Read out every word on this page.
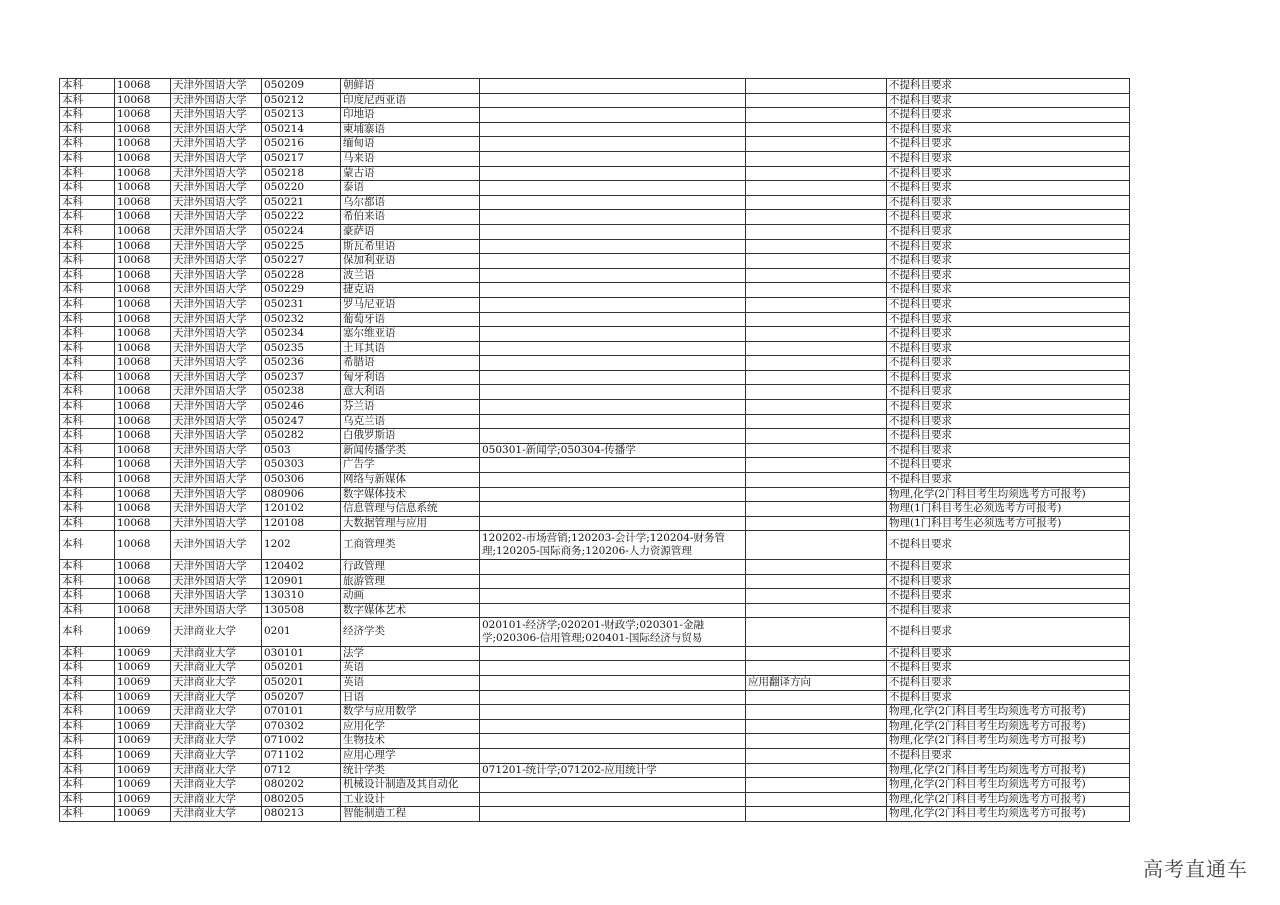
本科	10068	天津外国语大学	050209	朝鲜语			不提科目要求
本科	10068	天津外国语大学	050212	印度尼西亚语			不提科目要求
本科	10068	天津外国语大学	050213	印地语			不提科目要求
本科	10068	天津外国语大学	050214	柬埔寨语			不提科目要求
本科	10068	天津外国语大学	050216	缅甸语			不提科目要求
本科	10068	天津外国语大学	050217	马来语			不提科目要求
本科	10068	天津外国语大学	050218	蒙古语			不提科目要求
本科	10068	天津外国语大学	050220	泰语			不提科目要求
本科	10068	天津外国语大学	050221	乌尔都语			不提科目要求
本科	10068	天津外国语大学	050222	希伯来语			不提科目要求
本科	10068	天津外国语大学	050224	豪萨语			不提科目要求
本科	10068	天津外国语大学	050225	斯瓦希里语			不提科目要求
本科	10068	天津外国语大学	050227	保加利亚语			不提科目要求
本科	10068	天津外国语大学	050228	波兰语			不提科目要求
本科	10068	天津外国语大学	050229	捷克语			不提科目要求
本科	10068	天津外国语大学	050231	罗马尼亚语			不提科目要求
本科	10068	天津外国语大学	050232	葡萄牙语			不提科目要求
本科	10068	天津外国语大学	050234	塞尔维亚语			不提科目要求
本科	10068	天津外国语大学	050235	土耳其语			不提科目要求
本科	10068	天津外国语大学	050236	希腊语			不提科目要求
本科	10068	天津外国语大学	050237	匈牙利语			不提科目要求
本科	10068	天津外国语大学	050238	意大利语			不提科目要求
本科	10068	天津外国语大学	050246	芬兰语			不提科目要求
本科	10068	天津外国语大学	050247	乌克兰语			不提科目要求
本科	10068	天津外国语大学	050282	白俄罗斯语			不提科目要求
本科	10068	天津外国语大学	0503	新闻传播学类	050301-新闻学;050304-传播学		不提科目要求
本科	10068	天津外国语大学	050303	广告学			不提科目要求
本科	10068	天津外国语大学	050306	网络与新媒体			不提科目要求
本科	10068	天津外国语大学	080906	数字媒体技术			物理,化学(2门科目考生均须选考方可报考)
本科	10068	天津外国语大学	120102	信息管理与信息系统			物理(1门科目考生必须选考方可报考)
本科	10068	天津外国语大学	120108	大数据管理与应用			物理(1门科目考生必须选考方可报考)
本科	10068	天津外国语大学	1202	工商管理类	120202-市场营销;120203-会计学;120204-财务管理;120205-国际商务;120206-人力资源管理		不提科目要求
本科	10068	天津外国语大学	120402	行政管理			不提科目要求
本科	10068	天津外国语大学	120901	旅游管理			不提科目要求
本科	10068	天津外国语大学	130310	动画			不提科目要求
本科	10068	天津外国语大学	130508	数字媒体艺术			不提科目要求
本科	10069	天津商业大学	0201	经济学类	020101-经济学;020201-财政学;020301-金融学;020306-信用管理;020401-国际经济与贸易		不提科目要求
本科	10069	天津商业大学	030101	法学			不提科目要求
本科	10069	天津商业大学	050201	英语			不提科目要求
本科	10069	天津商业大学	050201	英语		应用翻译方向	不提科目要求
本科	10069	天津商业大学	050207	日语			不提科目要求
本科	10069	天津商业大学	070101	数学与应用数学			物理,化学(2门科目考生均须选考方可报考)
本科	10069	天津商业大学	070302	应用化学			物理,化学(2门科目考生均须选考方可报考)
本科	10069	天津商业大学	071002	生物技术			物理,化学(2门科目考生均须选考方可报考)
本科	10069	天津商业大学	071102	应用心理学			不提科目要求
本科	10069	天津商业大学	0712	统计学类	071201-统计学;071202-应用统计学		物理,化学(2门科目考生均须选考方可报考)
本科	10069	天津商业大学	080202	机械设计制造及其自动化			物理,化学(2门科目考生均须选考方可报考)
本科	10069	天津商业大学	080205	工业设计			物理,化学(2门科目考生均须选考方可报考)
本科	10069	天津商业大学	080213	智能制造工程			物理,化学(2门科目考生均须选考方可报考)
高考直通车
